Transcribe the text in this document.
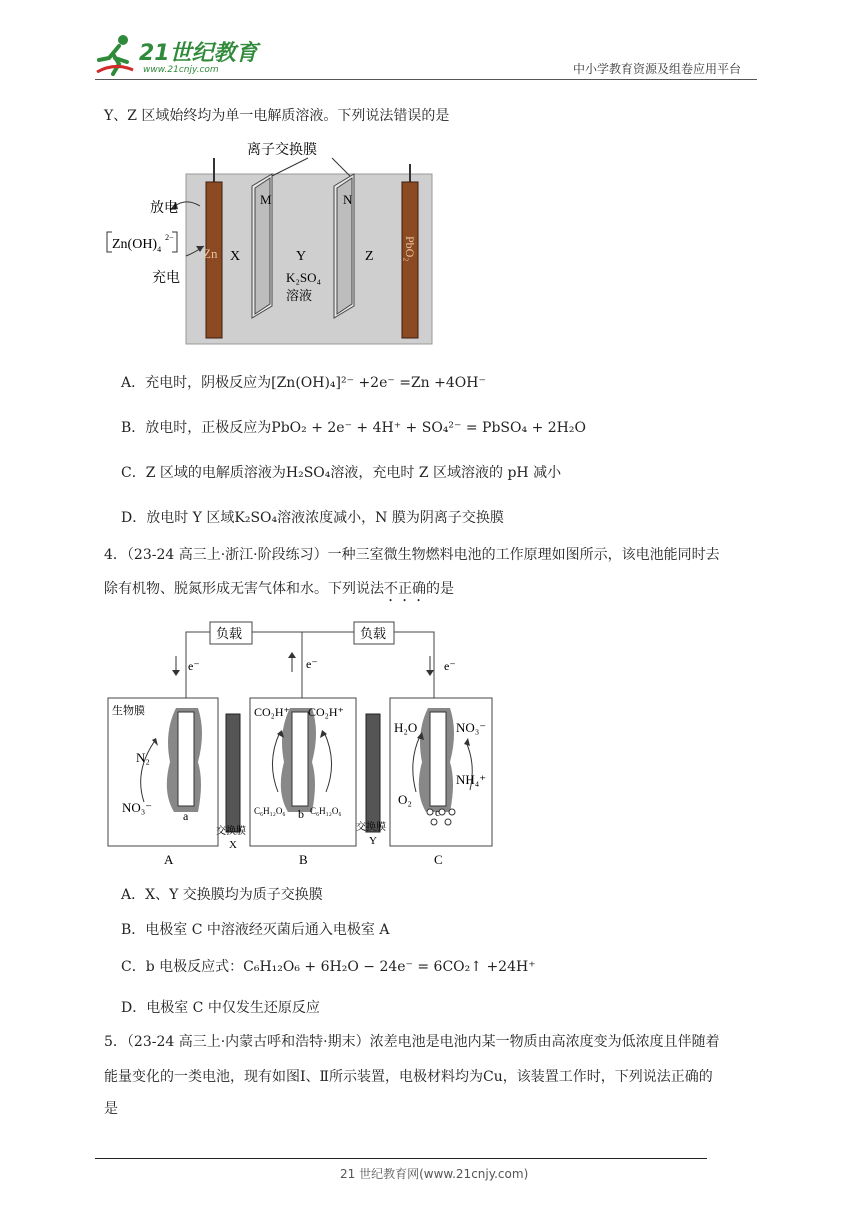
21世纪教育
www.21cnjy.com	中小学教育资源及组卷应用平台
Y、Z 区域始终均为单一电解质溶液。下列说法错误的是
离子交换膜
M	N
放电
充电
$Zn(OH)_4^{2-}$
Zn X	Y
K₂SO₄
溶液
Z PbO₂
A．充电时，阴极反应为[Zn(OH)₄]²⁻ +2e⁻ =Zn +4OH⁻
B．放电时，正极反应为PbO₂ + 2e⁻ + 4H⁺ + SO₄²⁻ = PbSO₄ + 2H₂O
C．Z 区域的电解质溶液为H₂SO₄溶液，充电时 Z 区域溶液的 pH 减小
D．放电时 Y 区域K₂SO₄溶液浓度减小，N 膜为阴离子交换膜
4．（23-24 高三上·浙江·阶段练习）一种三室微生物燃料电池的工作原理如图所示，该电池能同时去
除有机物、脱氮形成无害气体和水。下列说法不正确的是
负载	负载
e⁻	e⁻	e⁻
生物膜
N₂
NO₃⁻
a
CO₂H⁺ CO₂H⁺
C₆H₁₂O₆ b C₆H₁₂O₆
H₂O	NO₃⁻
O₂
c
NH₄⁺
交换膜
X
交换膜
Y
A	B	C
A．X、Y 交换膜均为质子交换膜
B．电极室 C 中溶液经灭菌后通入电极室 A
C．b 电极反应式：C₆H₁₂O₆ + 6H₂O − 24e⁻ = 6CO₂↑ +24H⁺
D．电极室 C 中仅发生还原反应
5．（23-24 高三上·内蒙古呼和浩特·期末）浓差电池是电池内某一物质由高浓度变为低浓度且伴随着
能量变化的一类电池，现有如图Ⅰ、Ⅱ所示装置，电极材料均为Cu，该装置工作时，下列说法正确的
是
21 世纪教育网(www.21cnjy.com)
